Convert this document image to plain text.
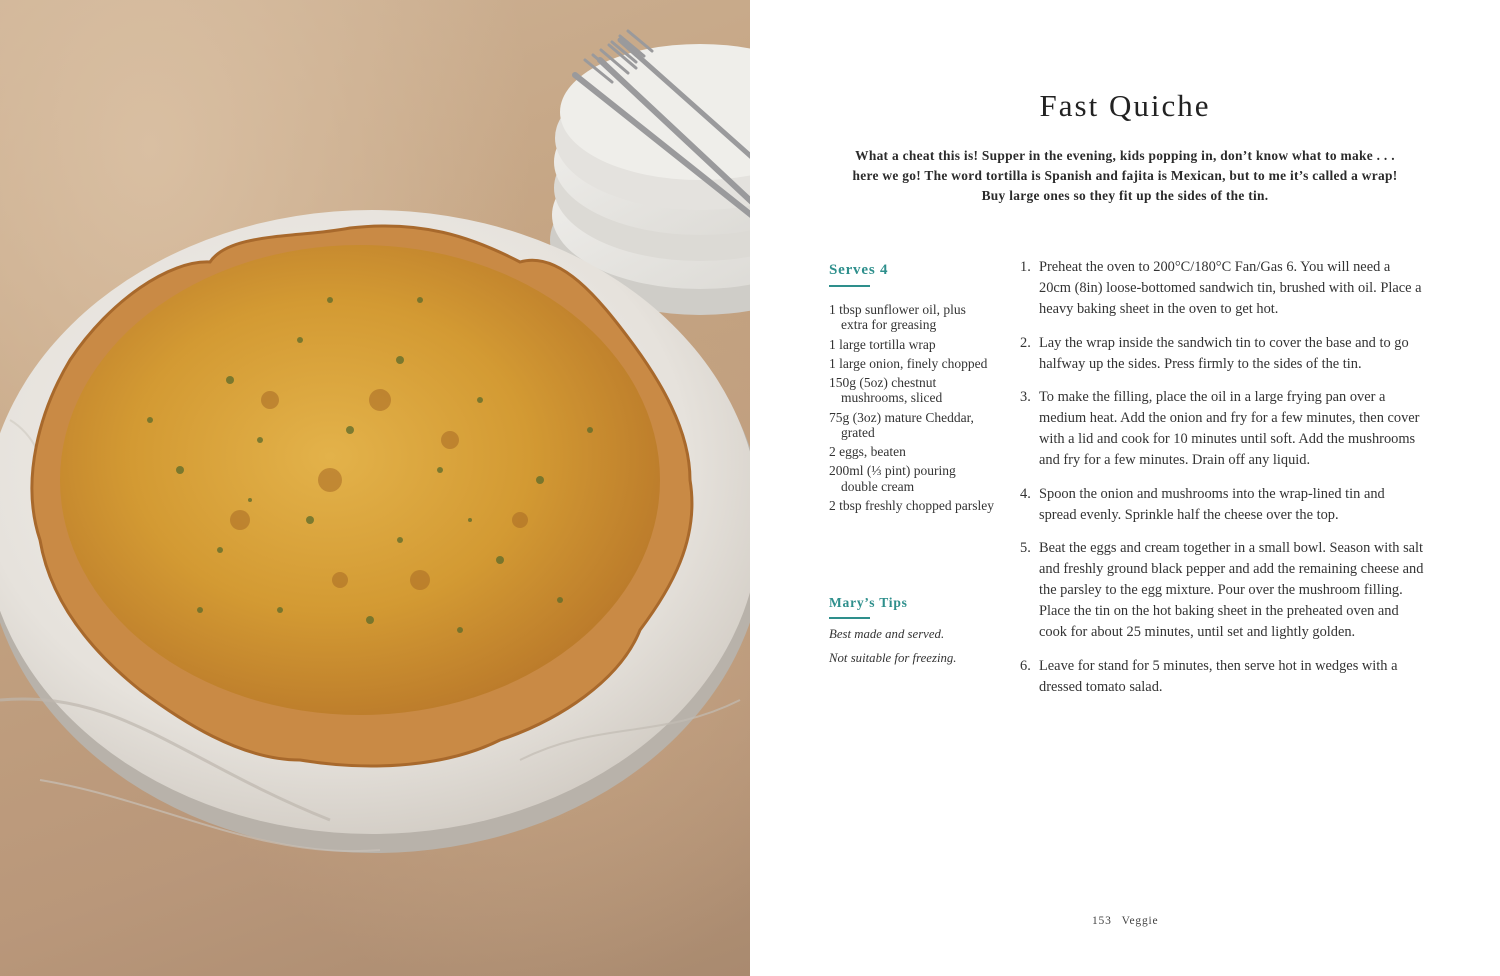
Fast Quiche

What a cheat this is! Supper in the evening, kids popping in, don’t know what to make . . . here we go! The word tortilla is Spanish and fajita is Mexican, but to me it’s called a wrap! Buy large ones so they fit up the sides of the tin.

Serves 4
1 tbsp sunflower oil, plus extra for greasing
1 large tortilla wrap
1 large onion, finely chopped
150g (5oz) chestnut mushrooms, sliced
75g (3oz) mature Cheddar, grated
2 eggs, beaten
200ml (⅓ pint) pouring double cream
2 tbsp freshly chopped parsley
Mary’s Tips
Best made and served.
Not suitable for freezing.
1. Preheat the oven to 200°C/180°C Fan/Gas 6. You will need a 20cm (8in) loose-bottomed sandwich tin, brushed with oil. Place a heavy baking sheet in the oven to get hot.
2. Lay the wrap inside the sandwich tin to cover the base and to go halfway up the sides. Press firmly to the sides of the tin.
3. To make the filling, place the oil in a large frying pan over a medium heat. Add the onion and fry for a few minutes, then cover with a lid and cook for 10 minutes until soft. Add the mushrooms and fry for a few minutes. Drain off any liquid.
4. Spoon the onion and mushrooms into the wrap-lined tin and spread evenly. Sprinkle half the cheese over the top.
5. Beat the eggs and cream together in a small bowl. Season with salt and freshly ground black pepper and add the remaining cheese and the parsley to the egg mixture. Pour over the mushroom filling. Place the tin on the hot baking sheet in the preheated oven and cook for about 25 minutes, until set and lightly golden.
6. Leave for stand for 5 minutes, then serve hot in wedges with a dressed tomato salad.
153 Veggie
